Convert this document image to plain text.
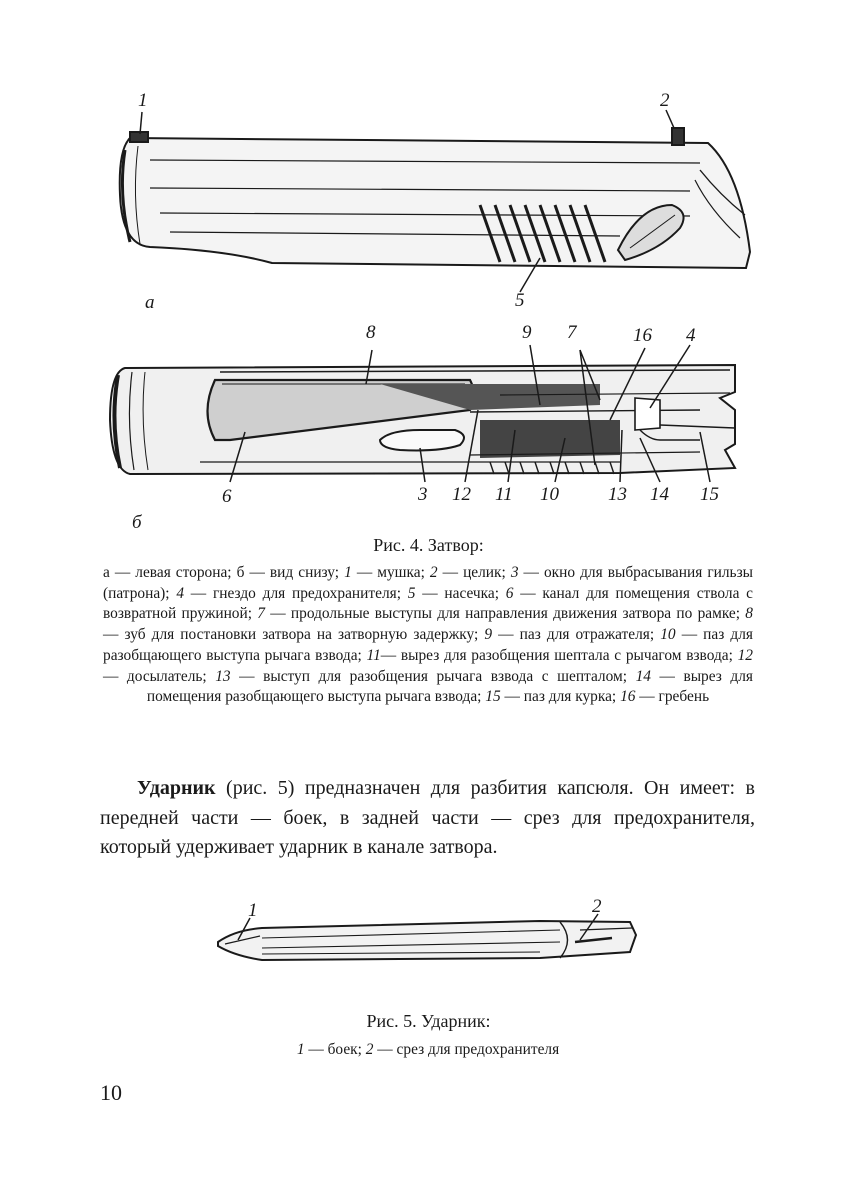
1	2
5
а
8	9 7	16 4
6	3 12 11 10	13 14 15
б
Рис. 4. Затвор:
а — левая сторона; б — вид снизу; 1 — мушка; 2 — целик; 3 — окно для выбрасывания гильзы (патрона); 4 — гнездо для предохранителя; 5 — насечка; 6 — канал для помещения ствола с возвратной пружиной; 7 — продольные выступы для направления движения затвора по рамке; 8 — зуб для постановки затвора на затворную задержку; 9 — паз для отражателя; 10 — паз для разобщающего выступа рычага взвода; 11— вырез для разобщения шептала с рычагом взвода; 12 — досылатель; 13 — выступ для разобщения рычага взвода с шепталом; 14 — вырез для помещения разобщающего выступа рычага взвода; 15 — паз для курка; 16 — гребень
Ударник (рис. 5) предназначен для разбития капсюля. Он имеет: в передней части — боек, в задней части — срез для предохранителя, который удерживает ударник в канале затвора.
1	2
Рис. 5. Ударник:
1 — боек; 2 — срез для предохранителя
10
